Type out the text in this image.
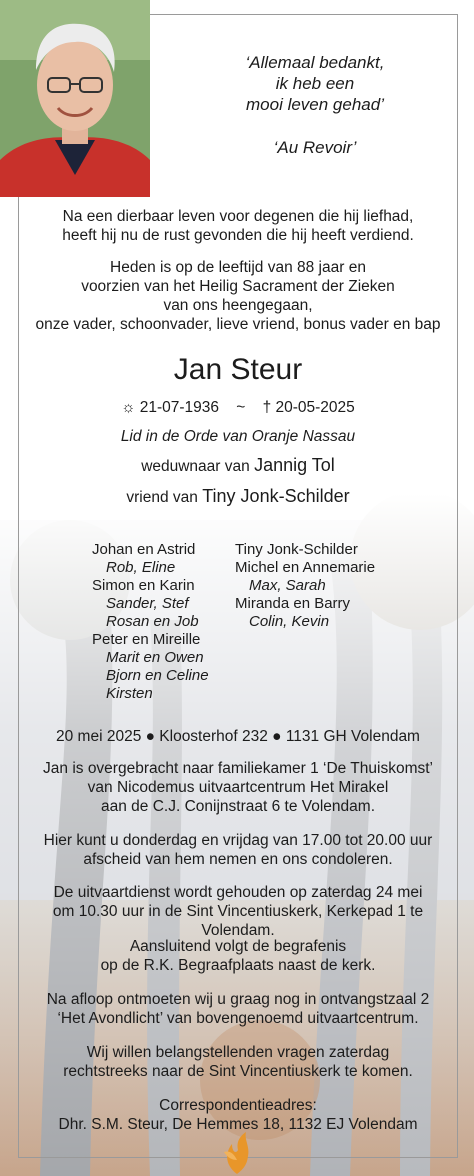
‘Allemaal bedankt,
ik heb een
mooi leven gehad’
‘Au Revoir’
Na een dierbaar leven voor degenen die hij liefhad,
heeft hij nu de rust gevonden die hij heeft verdiend.
Heden is op de leeftijd van 88 jaar en
voorzien van het Heilig Sacrament der Zieken
van ons heengegaan,
onze vader, schoonvader, lieve vriend, bonus vader en bap
Jan Steur
☼ 21-07-1936 ~ † 20-05-2025
Lid in de Orde van Oranje Nassau
weduwnaar van Jannig Tol
vriend van Tiny Jonk-Schilder
Johan en Astrid
Rob, Eline
Simon en Karin
Sander, Stef
Rosan en Job
Peter en Mireille
Marit en Owen
Bjorn en Celine
Kirsten
Tiny Jonk-Schilder
Michel en Annemarie
Max, Sarah
Miranda en Barry
Colin, Kevin
20 mei 2025 ● Kloosterhof 232 ● 1131 GH Volendam
Jan is overgebracht naar familiekamer 1 ‘De Thuiskomst’
van Nicodemus uitvaartcentrum Het Mirakel
aan de C.J. Conijnstraat 6 te Volendam.
Hier kunt u donderdag en vrijdag van 17.00 tot 20.00 uur
afscheid van hem nemen en ons condoleren.
De uitvaartdienst wordt gehouden op zaterdag 24 mei
om 10.30 uur in de Sint Vincentiuskerk, Kerkepad 1 te Volendam.
Aansluitend volgt de begrafenis
op de R.K. Begraafplaats naast de kerk.
Na afloop ontmoeten wij u graag nog in ontvangstzaal 2
‘Het Avondlicht’ van bovengenoemd uitvaartcentrum.
Wij willen belangstellenden vragen zaterdag
rechtstreeks naar de Sint Vincentiuskerk te komen.
Correspondentieadres:
Dhr. S.M. Steur, De Hemmes 18, 1132 EJ Volendam
